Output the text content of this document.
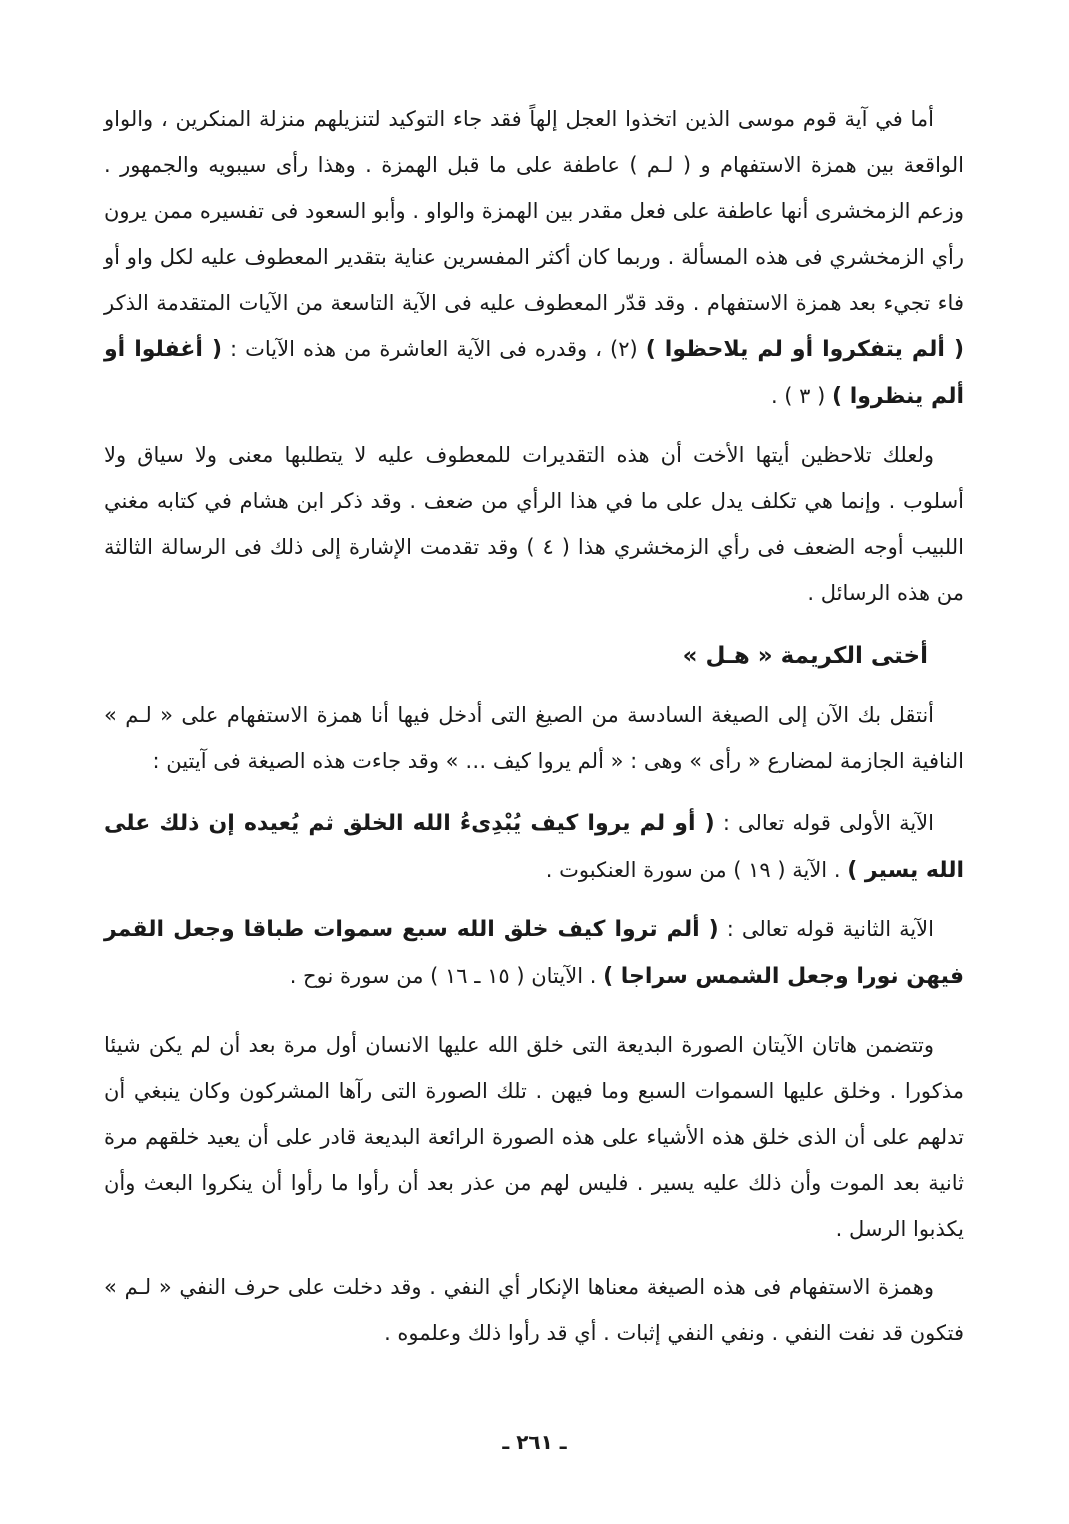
أما في آية قوم موسى الذين اتخذوا العجل إلهاً فقد جاء التوكيد لتنزيلهم منزلة المنكرين ، والواو الواقعة بين همزة الاستفهام و ( لـم ) عاطفة على ما قبل الهمزة . وهذا رأى سيبويه والجمهور . وزعم الزمخشرى أنها عاطفة على فعل مقدر بين الهمزة والواو . وأبو السعود فى تفسيره ممن يرون رأي الزمخشري فى هذه المسألة . وربما كان أكثر المفسرين عناية بتقدير المعطوف عليه لكل واو أو فاء تجيء بعد همزة الاستفهام . وقد قدّر المعطوف عليه فى الآية التاسعة من الآيات المتقدمة الذكر ( ألم يتفكروا أو لم يلاحظوا ) (٢) ، وقدره فى الآية العاشرة من هذه الآيات : ( أغفلوا أو ألم ينظروا ) ( ٣ ) .

ولعلك تلاحظين أيتها الأخت أن هذه التقديرات للمعطوف عليه لا يتطلبها معنى ولا سياق ولا أسلوب . وإنما هي تكلف يدل على ما في هذا الرأي من ضعف . وقد ذكر ابن هشام في كتابه مغني اللبيب أوجه الضعف فى رأي الزمخشري هذا ( ٤ ) وقد تقدمت الإشارة إلى ذلك فى الرسالة الثالثة من هذه الرسائل .

أختى الكريمة « هـل »

أنتقل بك الآن إلى الصيغة السادسة من الصيغ التى أدخل فيها أنا همزة الاستفهام على « لـم » النافية الجازمة لمضارع « رأى » وهى : « ألم يروا كيف … » وقد جاءت هذه الصيغة فى آيتين :

الآية الأولى قوله تعالى : ( أو لم يروا كيف يُبْدِىءُ الله الخلق ثم يُعيده إن ذلك على الله يسير ) . الآية ( ١٩ ) من سورة العنكبوت .

الآية الثانية قوله تعالى : ( ألم تروا كيف خلق الله سبع سموات طباقا وجعل القمر فيهن نورا وجعل الشمس سراجا ) . الآيتان ( ١٥ ـ ١٦ ) من سورة نوح .

وتتضمن هاتان الآيتان الصورة البديعة التى خلق الله عليها الانسان أول مرة بعد أن لم يكن شيئا مذكورا . وخلق عليها السموات السبع وما فيهن . تلك الصورة التى رآها المشركون وكان ينبغي أن تدلهم على أن الذى خلق هذه الأشياء على هذه الصورة الرائعة البديعة قادر على أن يعيد خلقهم مرة ثانية بعد الموت وأن ذلك عليه يسير . فليس لهم من عذر بعد أن رأوا ما رأوا أن ينكروا البعث وأن يكذبوا الرسل .

وهمزة الاستفهام فى هذه الصيغة معناها الإنكار أي النفي . وقد دخلت على حرف النفي « لـم » فتكون قد نفت النفي . ونفي النفي إثبات . أي قد رأوا ذلك وعلموه .

ـ ٢٦١ ـ
